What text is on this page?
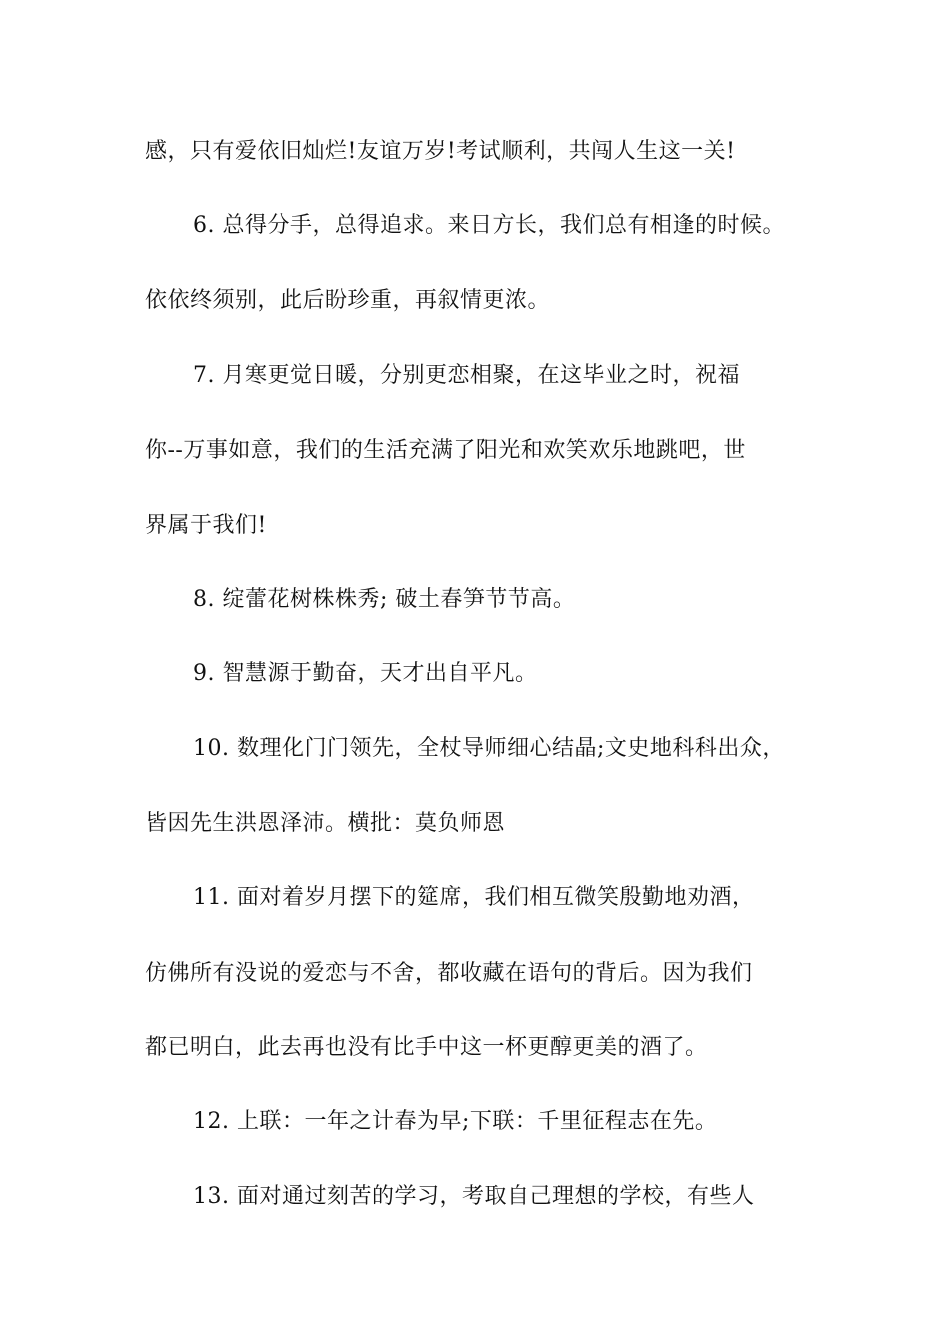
感，只有爱依旧灿烂!友谊万岁!考试顺利，共闯人生这一关!
6. 总得分手，总得追求。来日方长，我们总有相逢的时候。
依依终须别，此后盼珍重，再叙情更浓。
7. 月寒更觉日暖，分别更恋相聚，在这毕业之时，祝福
你--万事如意，我们的生活充满了阳光和欢笑欢乐地跳吧，世
界属于我们!
8. 绽蕾花树株株秀; 破土春笋节节高。
9. 智慧源于勤奋，天才出自平凡。
10. 数理化门门领先，全杖导师细心结晶;文史地科科出众，
皆因先生洪恩泽沛。横批：莫负师恩
11. 面对着岁月摆下的筵席，我们相互微笑殷勤地劝酒，
仿佛所有没说的爱恋与不舍，都收藏在语句的背后。因为我们
都已明白，此去再也没有比手中这一杯更醇更美的酒了。
12. 上联：一年之计春为早;下联：千里征程志在先。
13. 面对通过刻苦的学习，考取自己理想的学校，有些人
